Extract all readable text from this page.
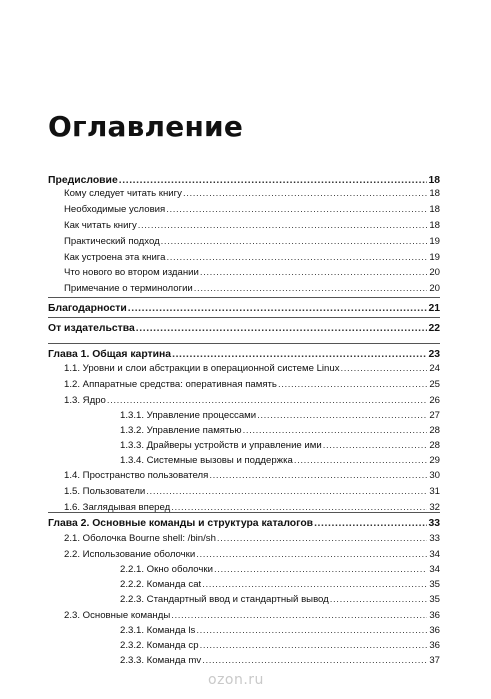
Оглавление
Предисловие .....	18
Кому следует читать книгу .....	18
Необходимые условия .....	18
Как читать книгу .....	18
Практический подход .....	19
Как устроена эта книга .....	19
Что нового во втором издании .....	20
Примечание о терминологии .....	20
Благодарности .....	21
От издательства .....	22
Глава 1. Общая картина .....	23
1.1. Уровни и слои абстракции в операционной системе Linux .....	24
1.2. Аппаратные средства: оперативная память .....	25
1.3. Ядро .....	26
1.3.1. Управление процессами .....	27
1.3.2. Управление памятью .....	28
1.3.3. Драйверы устройств и управление ими .....	28
1.3.4. Системные вызовы и поддержка .....	29
1.4. Пространство пользователя .....	30
1.5. Пользователи .....	31
1.6. Заглядывая вперед .....	32
Глава 2. Основные команды и структура каталогов .....	33
2.1. Оболочка Bourne shell: /bin/sh .....	33
2.2. Использование оболочки .....	34
2.2.1. Окно оболочки .....	34
2.2.2. Команда cat .....	35
2.2.3. Стандартный ввод и стандартный вывод .....	35
2.3. Основные команды .....	36
2.3.1. Команда ls .....	36
2.3.2. Команда cp .....	36
2.3.3. Команда mv .....	37
ozon.ru
